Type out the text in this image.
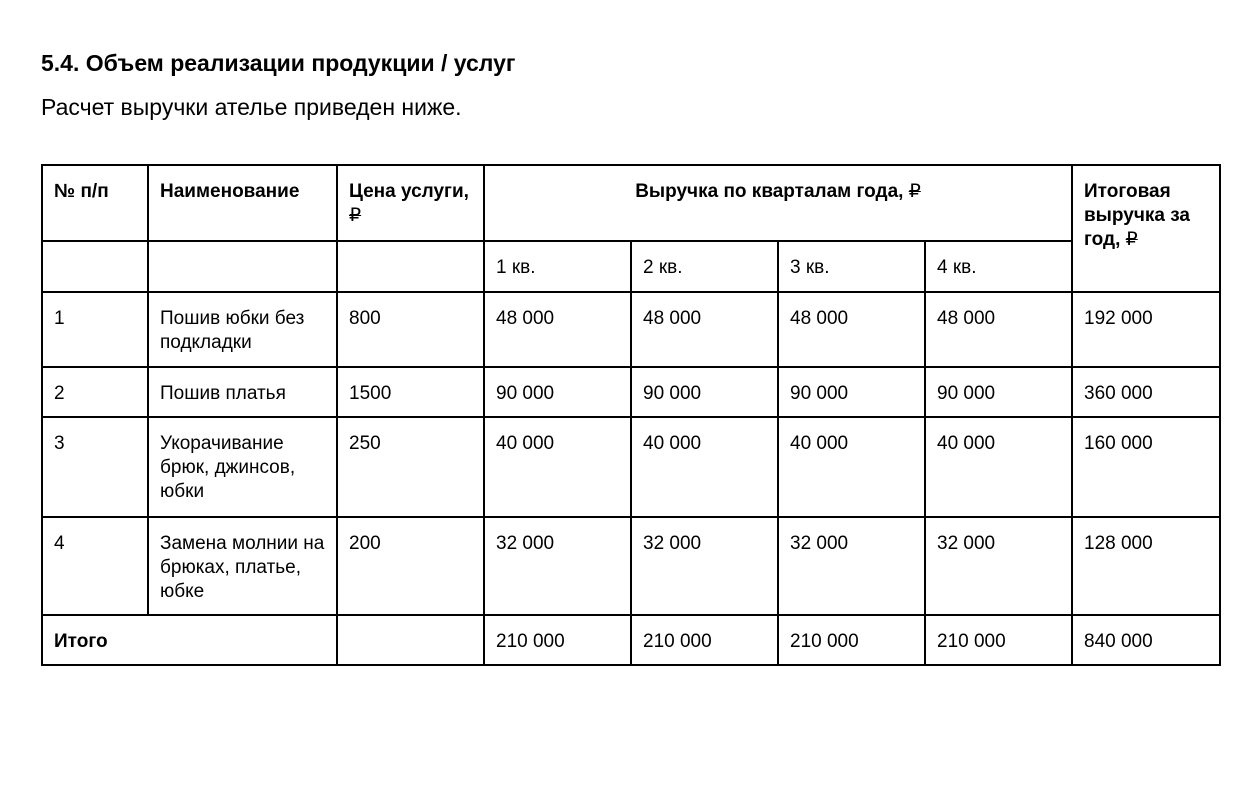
5.4. Объем реализации продукции / услуг
Расчет выручки ателье приведен ниже.
№ п/п	Наименование	Цена услуги, ₽	Выручка по кварталам года, ₽				Итоговая выручка за год, ₽
			1 кв.	2 кв.	3 кв.	4 кв.	
1	Пошив юбки без подкладки	800	48 000	48 000	48 000	48 000	192 000
2	Пошив платья	1500	90 000	90 000	90 000	90 000	360 000
3	Укорачивание брюк, джинсов, юбки	250	40 000	40 000	40 000	40 000	160 000
4	Замена молнии на брюках, платье, юбке	200	32 000	32 000	32 000	32 000	128 000
Итого			210 000	210 000	210 000	210 000	840 000
